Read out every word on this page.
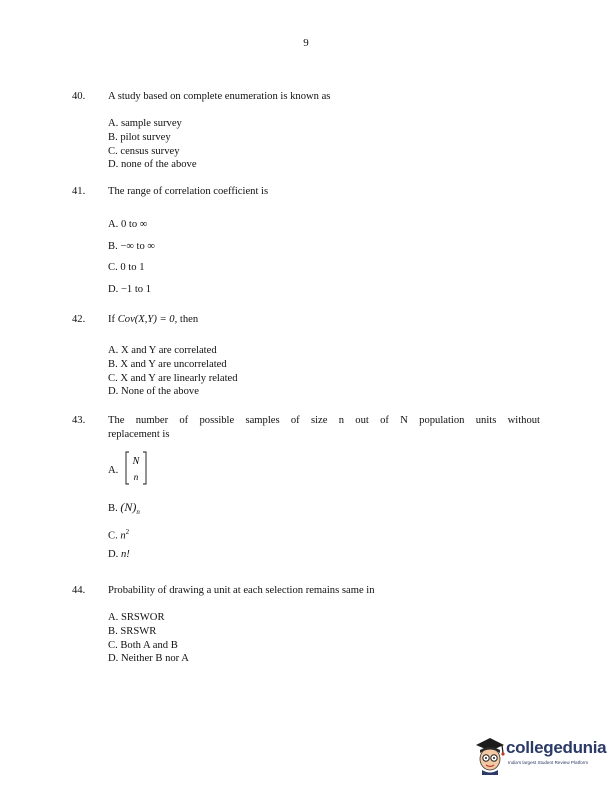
9
40. A study based on complete enumeration is known as
A. sample survey
B. pilot survey
C. census survey
D. none of the above
41. The range of correlation coefficient is
A. 0 to ∞
B. −∞ to ∞
C. 0 to 1
D. −1 to 1
42. If Cov(X,Y) = 0, then
A. X and Y are correlated
B. X and Y are uncorrelated
C. X and Y are linearly related
D. None of the above
43. The number of possible samples of size n out of N population units without
replacement is
A.
N
n
B. $(N)_n$
C. $n^2$
D. n!
44. Probability of drawing a unit at each selection remains same in
A. SRSWOR
B. SRSWR
C. Both A and B
D. Neither B nor A
collegedunia
India's largest Student Review Platform
